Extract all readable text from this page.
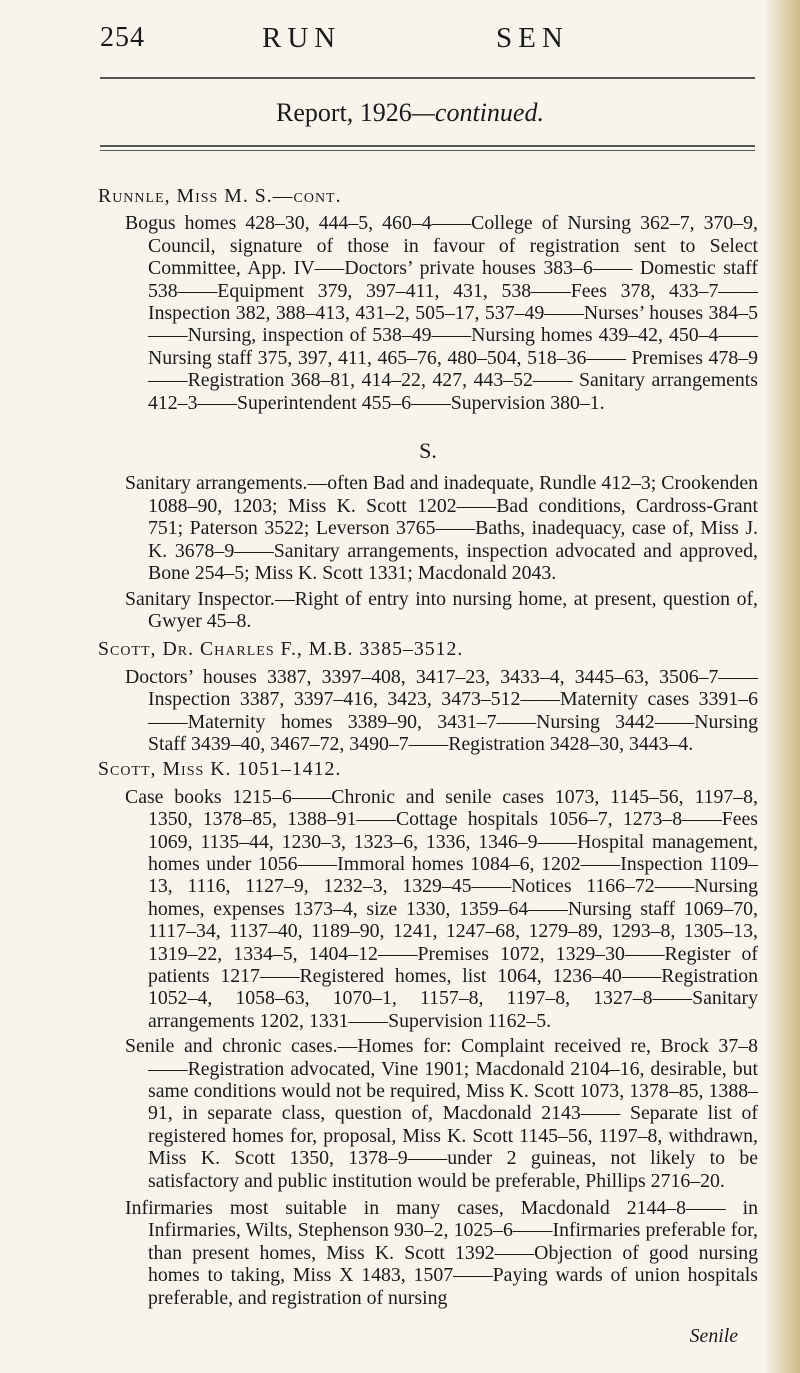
254	RUN	SEN
Report, 1926—continued.

Runnle, Miss M. S.—cont.

Bogus homes 428–30, 444–5, 460–4——College of Nursing 362–7, 370–9, Council, signature of those in favour of registration sent to Select Committee, App. IV–––Doctors’ private houses 383–6—— Domestic staff 538——Equipment 379, 397–411, 431, 538——Fees 378, 433–7—— Inspection 382, 388–413, 431–2, 505–17, 537–49——Nurses’ houses 384–5——Nursing, inspection of 538–49——Nursing homes 439–42, 450–4——Nursing staff 375, 397, 411, 465–76, 480–504, 518–36—— Premises 478–9——Registration 368–81, 414–22, 427, 443–52—— Sanitary arrangements 412–3——Superintendent 455–6——Supervision 380–1.

S.

Sanitary arrangements.—often Bad and inadequate, Rundle 412–3; Crookenden 1088–90, 1203; Miss K. Scott 1202——Bad conditions, Cardross-Grant 751; Paterson 3522; Leverson 3765——Baths, inadequacy, case of, Miss J. K. 3678–9——Sanitary arrangements, inspection advocated and approved, Bone 254–5; Miss K. Scott 1331; Macdonald 2043.

Sanitary Inspector.—Right of entry into nursing home, at present, question of, Gwyer 45–8.

Scott, Dr. Charles F., M.B. 3385–3512.

Doctors’ houses 3387, 3397–408, 3417–23, 3433–4, 3445–63, 3506–7—— Inspection 3387, 3397–416, 3423, 3473–512——Maternity cases 3391–6 ——Maternity homes 3389–90, 3431–7——Nursing 3442——Nursing Staff 3439–40, 3467–72, 3490–7——Registration 3428–30, 3443–4.

Scott, Miss K. 1051–1412.

Case books 1215–6——Chronic and senile cases 1073, 1145–56, 1197–8, 1350, 1378–85, 1388–91——Cottage hospitals 1056–7, 1273–8——Fees 1069, 1135–44, 1230–3, 1323–6, 1336, 1346–9——Hospital management, homes under 1056——Immoral homes 1084–6, 1202——Inspection 1109–13, 1116, 1127–9, 1232–3, 1329–45——Notices 1166–72——Nursing homes, expenses 1373–4, size 1330, 1359–64——Nursing staff 1069–70, 1117–34, 1137–40, 1189–90, 1241, 1247–68, 1279–89, 1293–8, 1305–13, 1319–22, 1334–5, 1404–12——Premises 1072, 1329–30——Register of patients 1217——Registered homes, list 1064, 1236–40——Registration 1052–4, 1058–63, 1070–1, 1157–8, 1197–8, 1327–8——Sanitary arrangements 1202, 1331——Supervision 1162–5.

Senile and chronic cases.—Homes for: Complaint received re, Brock 37–8 ——Registration advocated, Vine 1901; Macdonald 2104–16, desirable, but same conditions would not be required, Miss K. Scott 1073, 1378–85, 1388–91, in separate class, question of, Macdonald 2143—— Separate list of registered homes for, proposal, Miss K. Scott 1145–56, 1197–8, withdrawn, Miss K. Scott 1350, 1378–9——under 2 guineas, not likely to be satisfactory and public institution would be preferable, Phillips 2716–20.

Infirmaries most suitable in many cases, Macdonald 2144–8—— in Infirmaries, Wilts, Stephenson 930–2, 1025–6——Infirmaries preferable for, than present homes, Miss K. Scott 1392——Objection of good nursing homes to taking, Miss X 1483, 1507——Paying wards of union hospitals preferable, and registration of nursing

Senile
